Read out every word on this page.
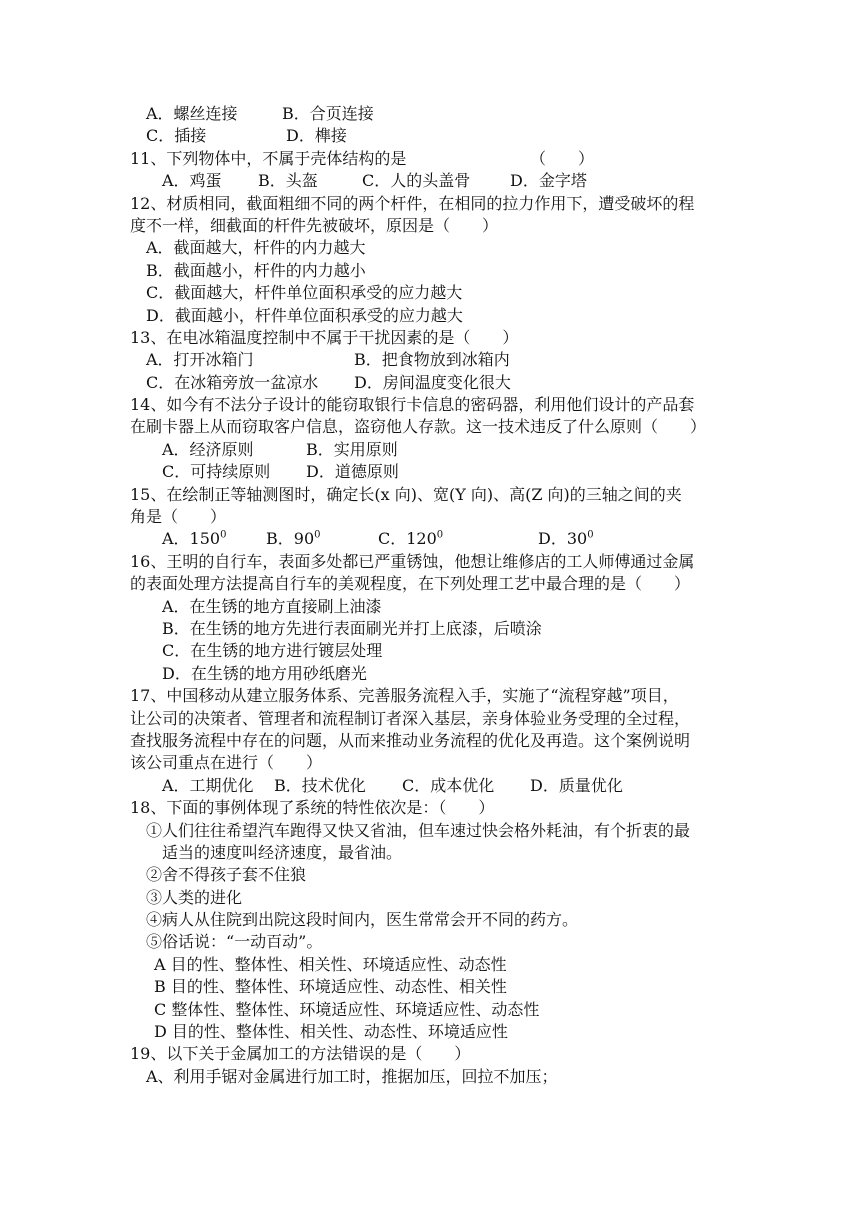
A．螺丝连接	B．合页连接
C．插接	D．榫接
11、下列物体中，不属于壳体结构的是	（　　）
A．鸡蛋	B．头盔	C．人的头盖骨	D．金字塔
12、材质相同，截面粗细不同的两个杆件，在相同的拉力作用下，遭受破坏的程
度不一样，细截面的杆件先被破坏，原因是（　　）
A．截面越大，杆件的内力越大
B．截面越小，杆件的内力越小
C．截面越大，杆件单位面积承受的应力越大
D．截面越小，杆件单位面积承受的应力越大
13、在电冰箱温度控制中不属于干扰因素的是（　　）
A．打开冰箱门	B．把食物放到冰箱内
C．在冰箱旁放一盆凉水	D．房间温度变化很大
14、如今有不法分子设计的能窃取银行卡信息的密码器，利用他们设计的产品套
在刷卡器上从而窃取客户信息，盗窃他人存款。这一技术违反了什么原则（　　）
A．经济原则	B．实用原则
C．可持续原则	D．道德原则
15、在绘制正等轴测图时，确定长(x 向)、宽(Y 向)、高(Z 向)的三轴之间的夹
角是（　　）
A．$150^0$	B．$90^0$	C．$120^0$	D．$30^0$
16、王明的自行车，表面多处都已严重锈蚀，他想让维修店的工人师傅通过金属
的表面处理方法提高自行车的美观程度，在下列处理工艺中最合理的是（　　）
A．在生锈的地方直接刷上油漆
B．在生锈的地方先进行表面刷光并打上底漆，后喷涂
C．在生锈的地方进行镀层处理
D．在生锈的地方用砂纸磨光
17、中国移动从建立服务体系、完善服务流程入手，实施了“流程穿越”项目，
让公司的决策者、管理者和流程制订者深入基层，亲身体验业务受理的全过程，
查找服务流程中存在的问题，从而来推动业务流程的优化及再造。这个案例说明
该公司重点在进行（　　）
A．工期优化	B．技术优化	C．成本优化	D．质量优化
18、下面的事例体现了系统的特性依次是：（　　）
①人们往往希望汽车跑得又快又省油，但车速过快会格外耗油，有个折衷的最
适当的速度叫经济速度，最省油。
②舍不得孩子套不住狼
③人类的进化
④病人从住院到出院这段时间内，医生常常会开不同的药方。
⑤俗话说：“一动百动”。
A 目的性、整体性、相关性、环境适应性、动态性
B 目的性、整体性、环境适应性、动态性、相关性
C 整体性、整体性、环境适应性、环境适应性、动态性
D 目的性、整体性、相关性、动态性、环境适应性
19、以下关于金属加工的方法错误的是（　　）
A、利用手锯对金属进行加工时，推据加压，回拉不加压；
